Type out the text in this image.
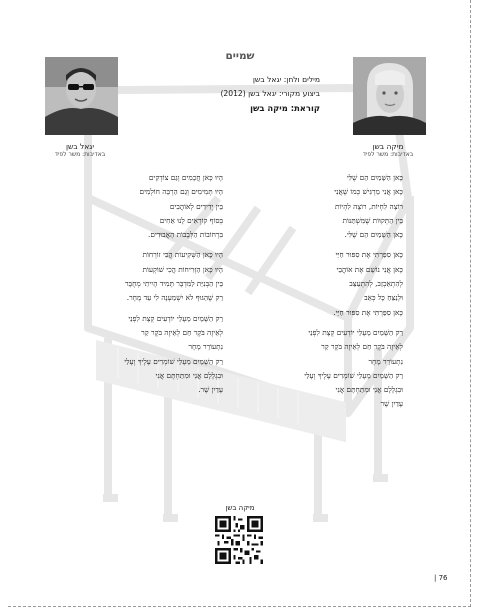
יגאל בשן
באדיבות: משר לפיד
מיקה בשן
באדיבות: משר לפיד
שמיים
מילים ולחן: יגאל בשן
ביצוע מקורי: יגאל בשן (2012)
קוראת: מיקה בשן
כָּאן הַשָּׁמַיִם הֵם שֶׁלִּי
כָּאן אֲנִי מַרְגִּישׁ כְּמוֹ שֶׁאֲנִי
רוֹצָה לִחְיוֹת, רוֹצָה לִהְיוֹת
בֵּין הַתְּקוּוֹת שֶׁמִּשְׁתַּנּוֹת
כָּאן הַשָּׁמַיִם הֵם שֶׁלִּי.
כָּאן סִפַּרְתִּי אֶת סִפּוּר חַיַּי
כָּאן אֲנִי נוֹשֵׁם אֶת אוֹהֲבַי
לְהִתְאַכְזֵב, לְהִתְעַצֵּב
וּלְנַצֵּחַ כָּל כְּאֵב
כָּאן סִפַּרְתִּי אֶת סִפּוּר חַיַּי.
רַק הַשָּׁמַיִם מֵעָלַי יוֹדְעִים קְצָת לִפְנַי
לְאֵיזֶה בֹּקֶר חַם לְאֵיזֶה בֹּקֶר קַר
נִתְעוֹרֵר מָחָר
רַק הַשָּׁמַיִם מֵעָלַי שׁוֹמְרִים עָלֶיךָ וְעָלַי
וּבִגְלָלָם אֲנִי וּמִתַּחְתָּם אֲנִי
עָדַיִן שָׁר
הָיוּ כָּאן חֲכָמִים וְגַם צוֹדְקִים
הָיוּ תְּמִימִים וְגַם הַרְבֵּה חוֹלְמִים
בֵּין יְדִידִים לְאוֹהֲבִים
בְּסוֹף קוֹרְאִים לָנוּ אַחִים
בִּרְחוֹבוֹת הַלְּבָבוֹת הָאֲבוּדִים.
הָיוּ כָּאן הַשְּׁקִיעוֹת הֲכִי זוֹרְחוֹת
הָיוּ כָּאן הַזְּרִיחוֹת הֲכִי שׁוֹקְעוֹת
בֵּין הַבְּנִיַּת לַמִּדְבָּר תָּמִיד הָיִיתִי מְחֻבָּר
רַק שֶׁהַגּוּף לֹא יִשְׁמַעְנָה לִי עַד מָחָר.
רַק הַשָּׁמַיִם מֵעָלַי יוֹדְעִים קְצָת לִפְנַי
לְאֵיזֶה בֹּקֶר חַם לְאֵיזֶה בֹּקֶר קַר
נִתְעוֹרֵר מָחָר
רַק הַשָּׁמַיִם מֵעָלַי שׁוֹמְרִים עָלֶיךָ וְעָלַי
וּבִגְלָלָם אֲנִי וּמִתַּחְתָּם אֲנִי
עָדַיִן שָׁר.
מיקה בשן
| 76
